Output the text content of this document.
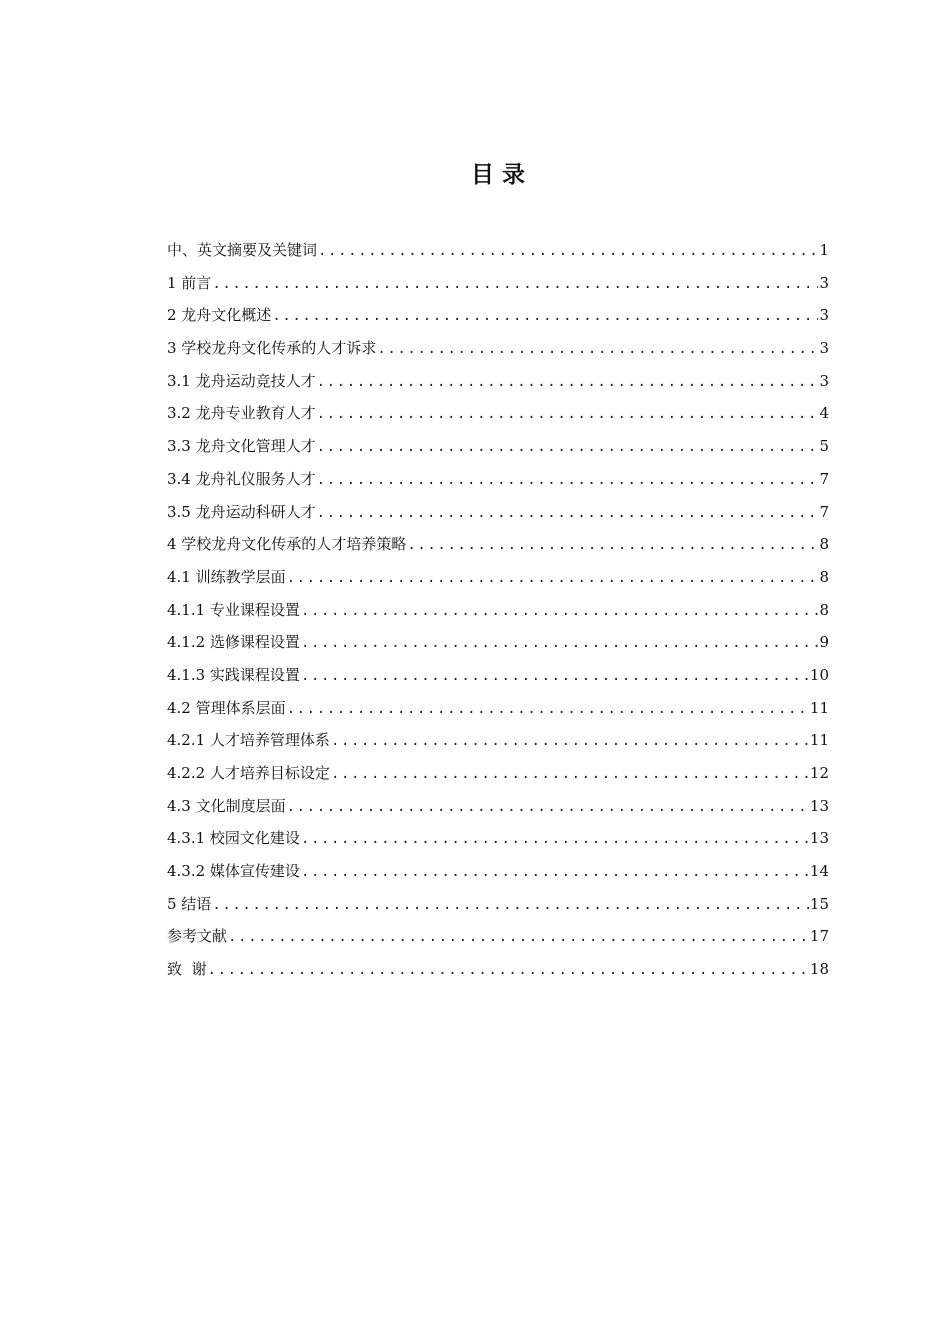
目 录
中、英文摘要及关键词 .....	1
1 前言 .....	3
2 龙舟文化概述 .....	3
3 学校龙舟文化传承的人才诉求 .....	3
3.1 龙舟运动竞技人才 .....	3
3.2 龙舟专业教育人才 .....	4
3.3 龙舟文化管理人才 .....	5
3.4 龙舟礼仪服务人才 .....	7
3.5 龙舟运动科研人才 .....	7
4 学校龙舟文化传承的人才培养策略 .....	8
4.1 训练教学层面 .....	8
4.1.1 专业课程设置 .....	8
4.1.2 选修课程设置 .....	9
4.1.3 实践课程设置 .....	10
4.2 管理体系层面 .....	11
4.2.1 人才培养管理体系 .....	11
4.2.2 人才培养目标设定 .....	12
4.3 文化制度层面 .....	13
4.3.1 校园文化建设 .....	13
4.3.2 媒体宣传建设 .....	14
5 结语 .....	15
参考文献 .....	17
致  谢 .....	18
